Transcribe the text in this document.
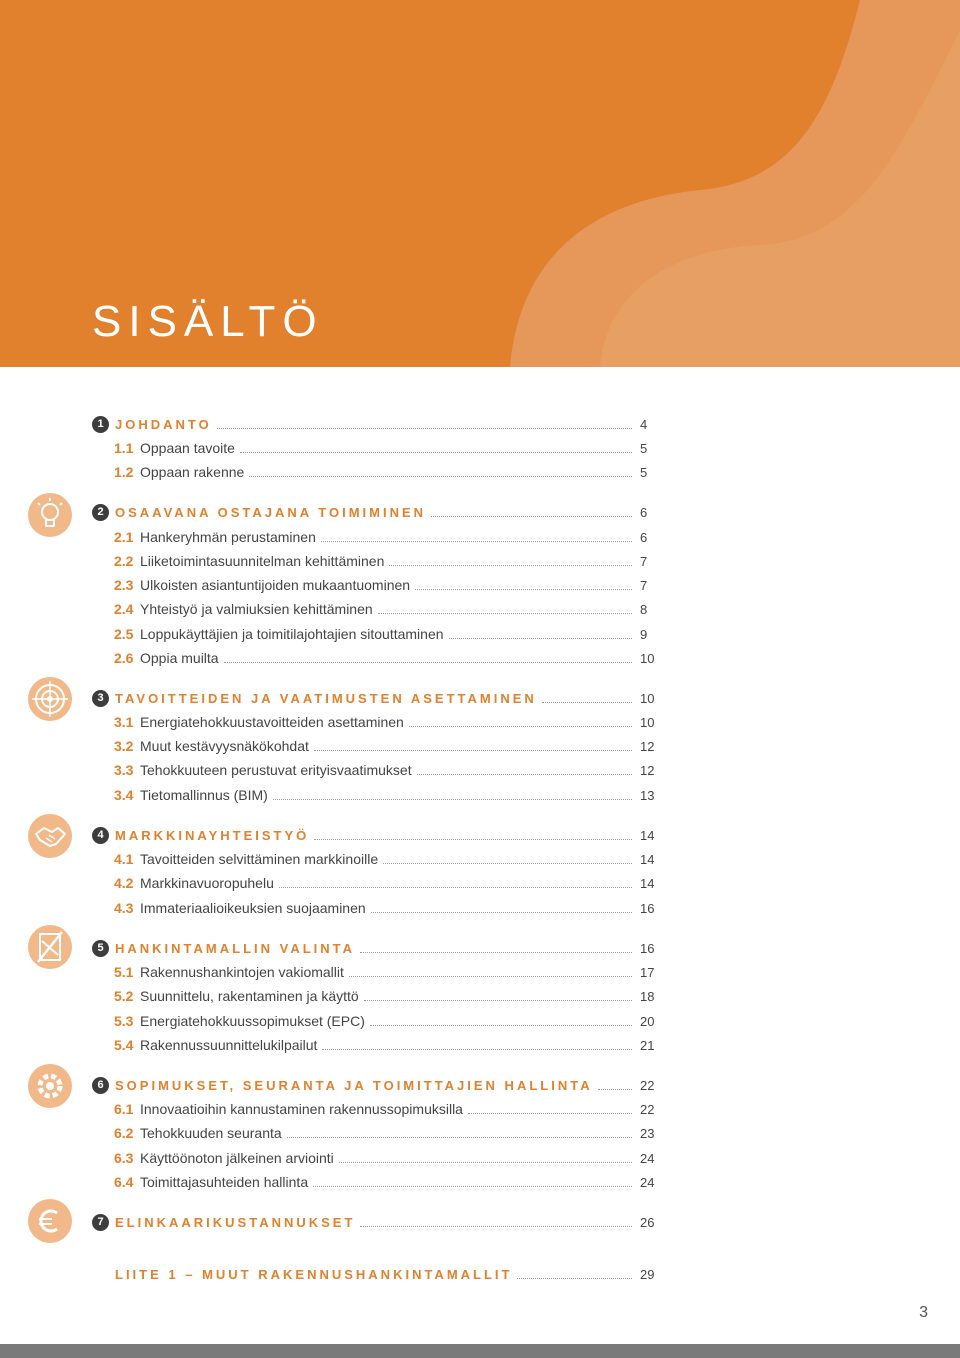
SISÄLTÖ
1 JOHDANTO	4
1.1 Oppaan tavoite	5
1.2 Oppaan rakenne	5
2 OSAAVANA OSTAJANA TOIMIMINEN	6
2.1 Hankeryhmän perustaminen	6
2.2 Liiketoimintasuunnitelman kehittäminen	7
2.3 Ulkoisten asiantuntijoiden mukaantuominen	7
2.4 Yhteistyö ja valmiuksien kehittäminen	8
2.5 Loppukäyttäjien ja toimitilajohtajien sitouttaminen	9
2.6 Oppia muilta	10
3 TAVOITTEIDEN JA VAATIMUSTEN ASETTAMINEN	10
3.1 Energiatehokkuustavoitteiden asettaminen	10
3.2 Muut kestävyysnäkökohdat	12
3.3 Tehokkuuteen perustuvat erityisvaatimukset	12
3.4 Tietomallinnus (BIM)	13
4 MARKKINAYHTEISTYÖ	14
4.1 Tavoitteiden selvittäminen markkinoille	14
4.2 Markkinavuoropuhelu	14
4.3 Immateriaalioikeuksien suojaaminen	16
5 HANKINTAMALLIN VALINTA	16
5.1 Rakennushankintojen vakiomallit	17
5.2 Suunnittelu, rakentaminen ja käyttö	18
5.3 Energiatehokkuussopimukset (EPC)	20
5.4 Rakennussuunnittelukilpailut	21
6 SOPIMUKSET, SEURANTA JA TOIMITTAJIEN HALLINTA	22
6.1 Innovaatioihin kannustaminen rakennussopimuksilla	22
6.2 Tehokkuuden seuranta	23
6.3 Käyttöönoton jälkeinen arviointi	24
6.4 Toimittajasuhteiden hallinta	24
7 ELINKAARIKUSTANNUKSET	26
LIITE 1 – MUUT RAKENNUSHANKINTAMALLIT	29
3
